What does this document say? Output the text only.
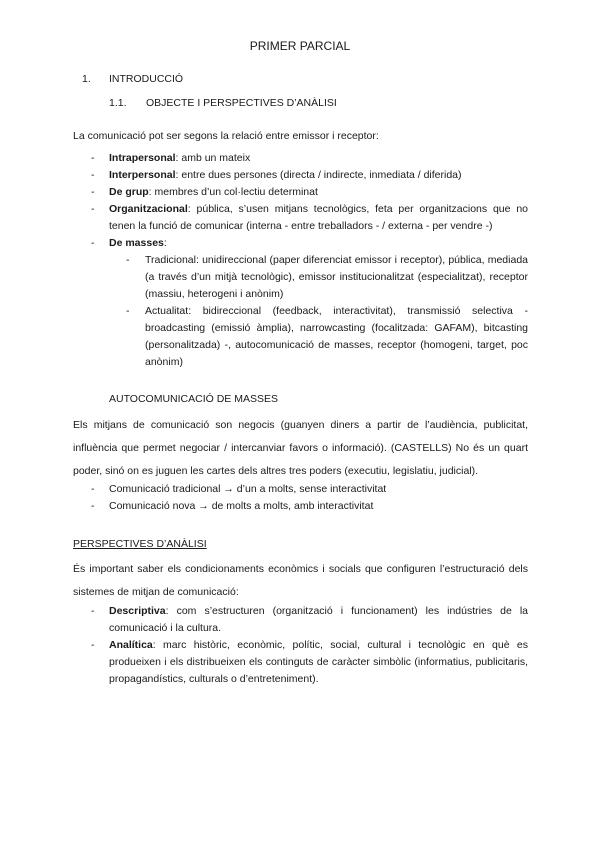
PRIMER PARCIAL
1. INTRODUCCIÓ
1.1. OBJECTE I PERSPECTIVES D’ANÀLISI
La comunicació pot ser segons la relació entre emissor i receptor:
- Intrapersonal: amb un mateix
- Interpersonal: entre dues persones (directa / indirecte, inmediata / diferida)
- De grup: membres d’un col·lectiu determinat
- Organitzacional: pública, s’usen mitjans tecnològics, feta per organitzacions que no tenen la funció de comunicar (interna - entre treballadors - / externa - per vendre -)
- De masses:
- Tradicional: unidireccional (paper diferenciat emissor i receptor), pública, mediada (a través d’un mitjà tecnològic), emissor institucionalitzat (especialitzat), receptor (massiu, heterogeni i anònim)
- Actualitat: bidireccional (feedback, interactivitat), transmissió selectiva - broadcasting (emissió àmplia), narrowcasting (focalitzada: GAFAM), bitcasting (personalitzada) -, autocomunicació de masses, receptor (homogeni, target, poc anònim)
AUTOCOMUNICACIÓ DE MASSES
Els mitjans de comunicació son negocis (guanyen diners a partir de l’audiència, publicitat, influència que permet negociar / intercanviar favors o informació). (CASTELLS) No és un quart poder, sinó on es juguen les cartes dels altres tres poders (executiu, legislatiu, judicial).
- Comunicació tradicional → d’un a molts, sense interactivitat
- Comunicació nova → de molts a molts, amb interactivitat
PERSPECTIVES D’ANÀLISI
És important saber els condicionaments econòmics i socials que configuren l’estructuració dels sistemes de mitjan de comunicació:
- Descriptiva: com s’estructuren (organització i funcionament) les indústries de la comunicació i la cultura.
- Analítica: marc històric, econòmic, polític, social, cultural i tecnològic en què es produeixen i els distribueixen els continguts de caràcter simbòlic (informatius, publicitaris, propagandístics, culturals o d’entreteniment).
